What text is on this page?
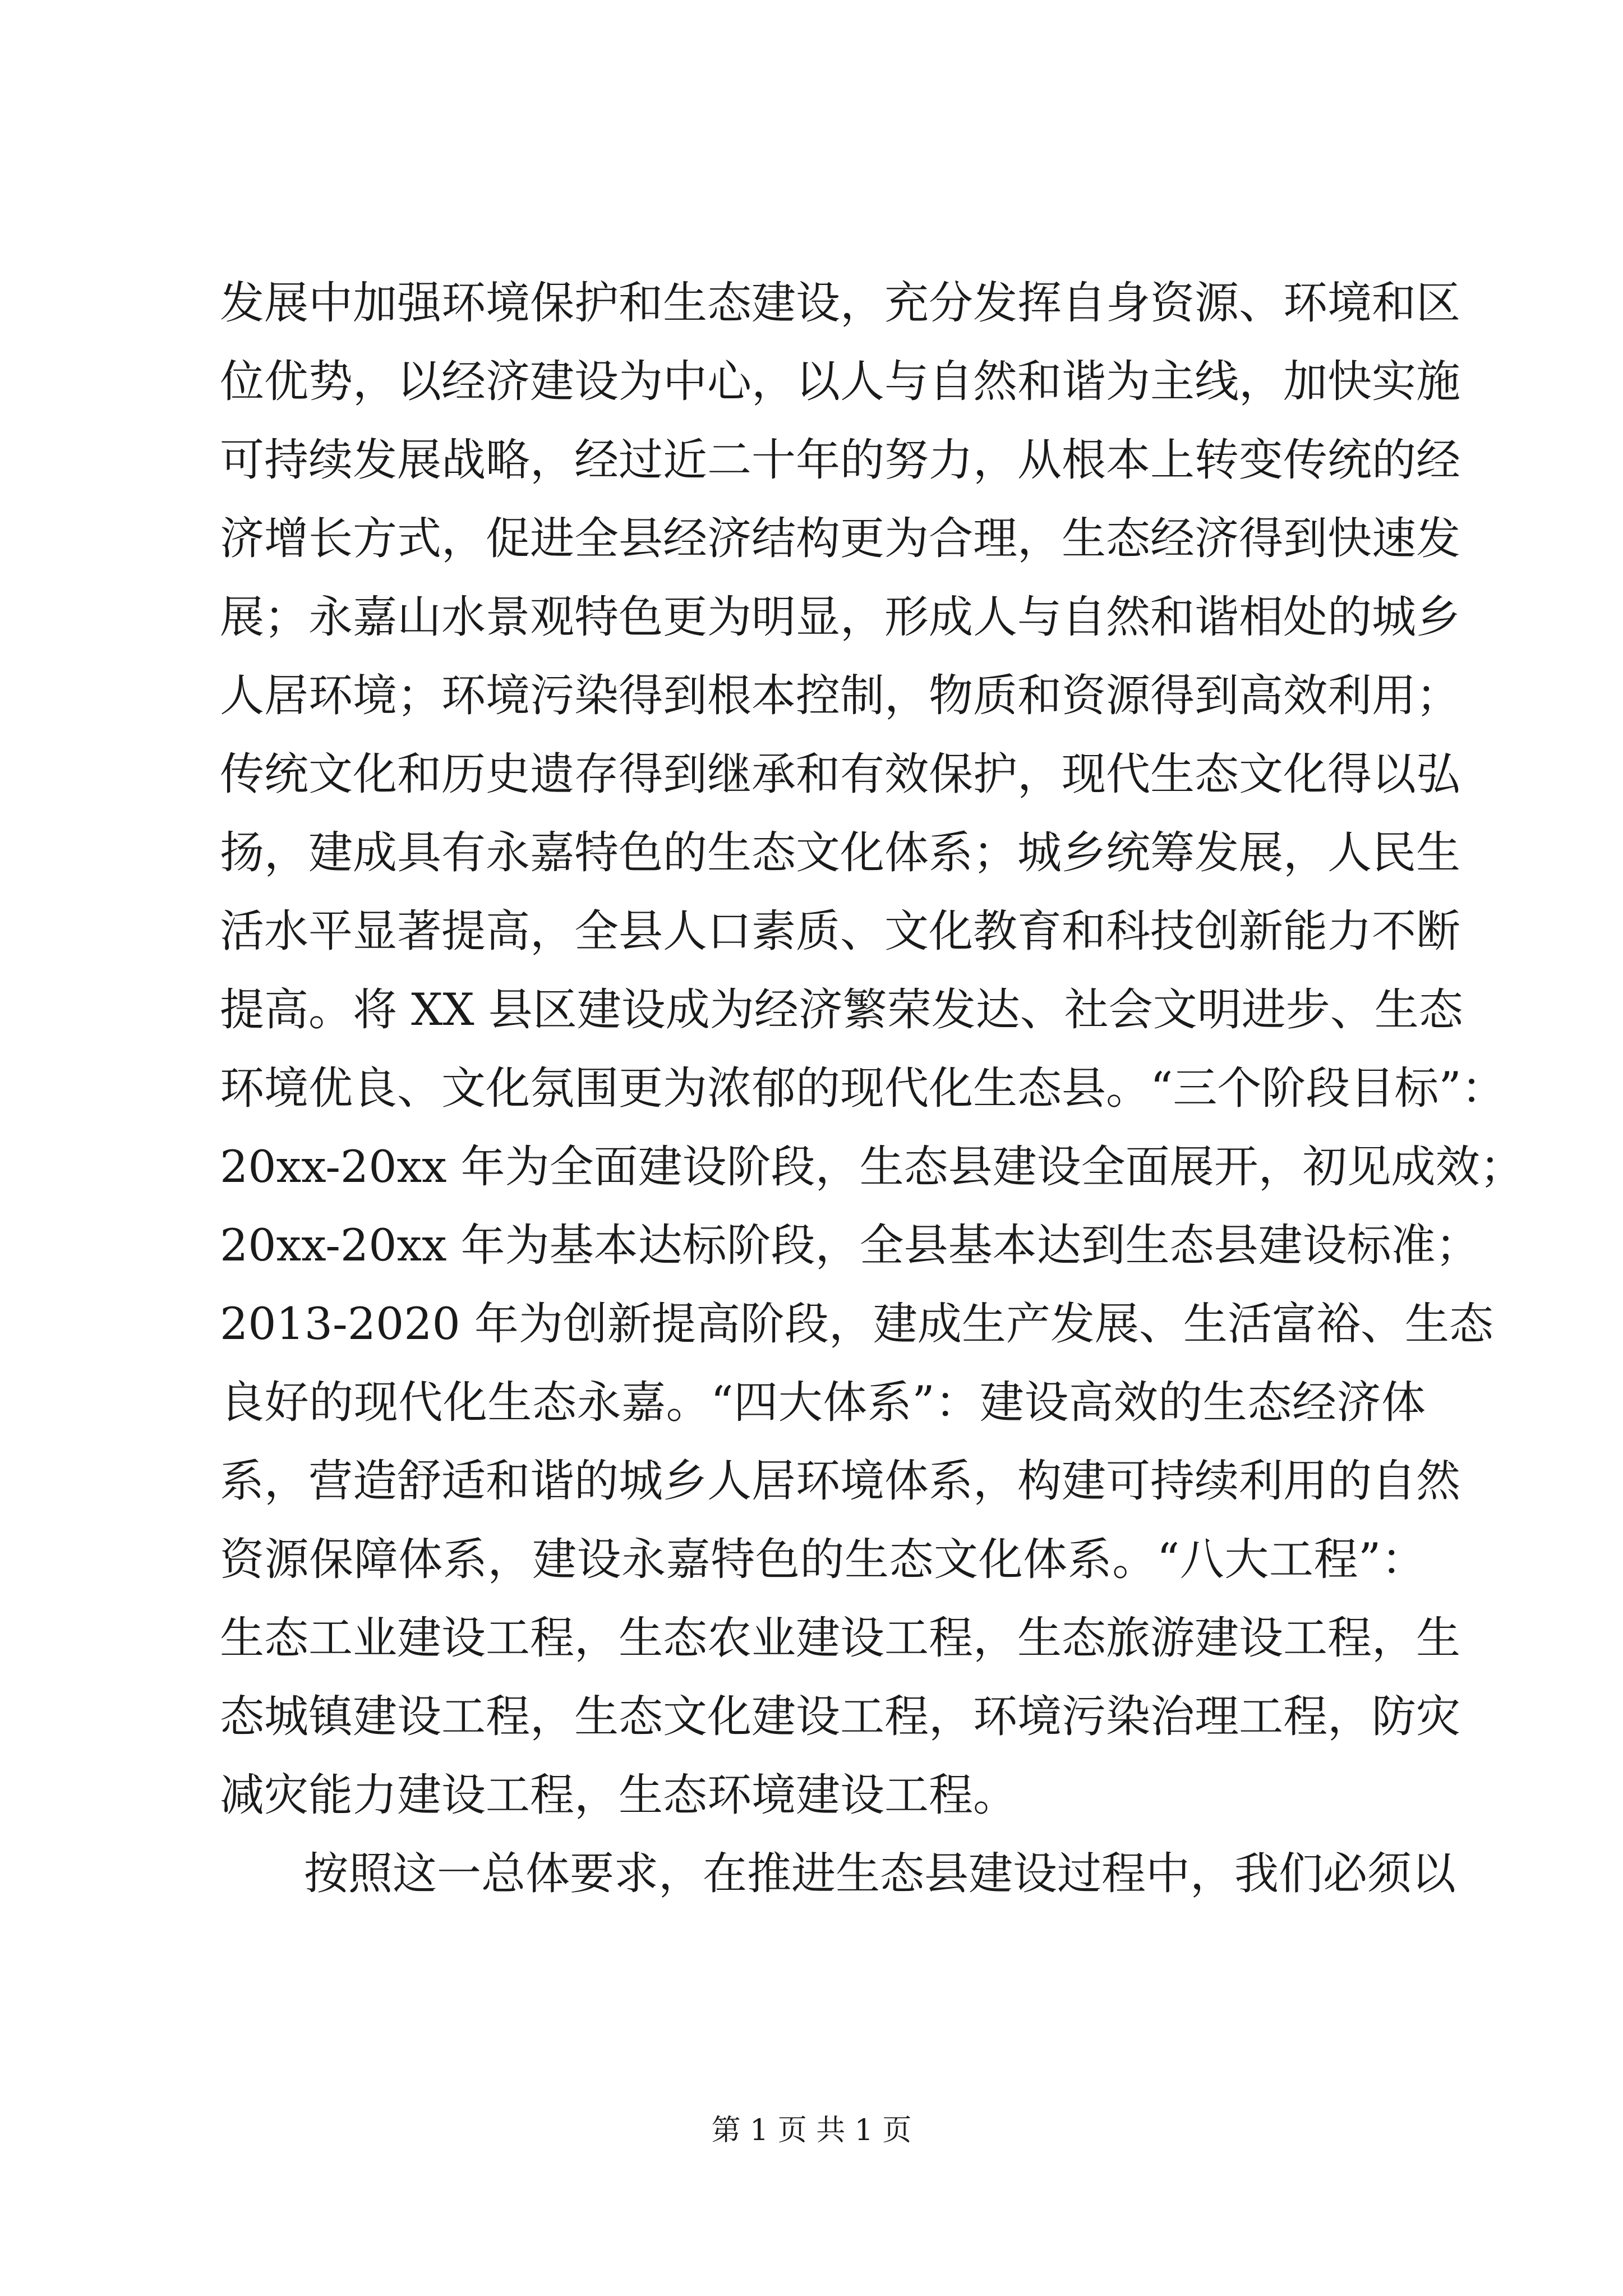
发展中加强环境保护和生态建设，充分发挥自身资源、环境和区
位优势，以经济建设为中心，以人与自然和谐为主线，加快实施
可持续发展战略，经过近二十年的努力，从根本上转变传统的经
济增长方式，促进全县经济结构更为合理，生态经济得到快速发
展；永嘉山水景观特色更为明显，形成人与自然和谐相处的城乡
人居环境；环境污染得到根本控制，物质和资源得到高效利用；
传统文化和历史遗存得到继承和有效保护，现代生态文化得以弘
扬，建成具有永嘉特色的生态文化体系；城乡统筹发展，人民生
活水平显著提高，全县人口素质、文化教育和科技创新能力不断
提高。将 XX 县区建设成为经济繁荣发达、社会文明进步、生态
环境优良、文化氛围更为浓郁的现代化生态县。“三个阶段目标”：
20xx-20xx 年为全面建设阶段，生态县建设全面展开，初见成效；
20xx-20xx 年为基本达标阶段，全县基本达到生态县建设标准；
2013-2020 年为创新提高阶段，建成生产发展、生活富裕、生态
良好的现代化生态永嘉。“四大体系”：建设高效的生态经济体
系，营造舒适和谐的城乡人居环境体系，构建可持续利用的自然
资源保障体系，建设永嘉特色的生态文化体系。“八大工程”：
生态工业建设工程，生态农业建设工程，生态旅游建设工程，生
态城镇建设工程，生态文化建设工程，环境污染治理工程，防灾
减灾能力建设工程，生态环境建设工程。
按照这一总体要求，在推进生态县建设过程中，我们必须以
第 1 页 共 1 页
